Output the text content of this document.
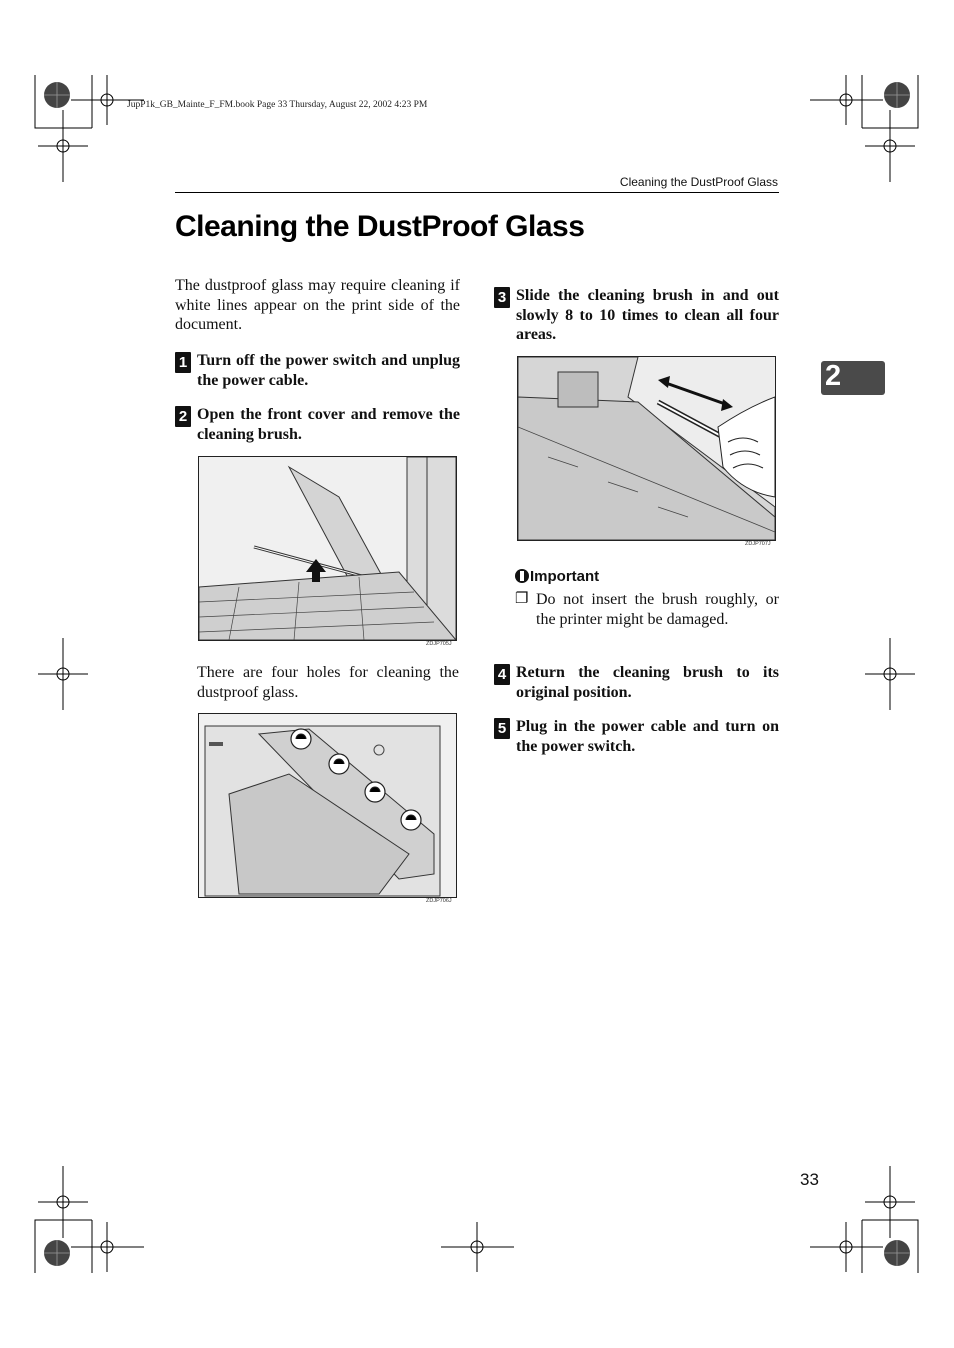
JupP1k_GB_Mainte_F_FM.book Page 33 Thursday, August 22, 2002 4:23 PM
Cleaning the DustProof Glass
Cleaning the DustProof Glass
The dustproof glass may require cleaning if white lines appear on the print side of the document.
1 Turn off the power switch and unplug the power cable.
2 Open the front cover and remove the cleaning brush.
ZDJP705J
There are four holes for cleaning the dustproof glass.
ZDJP706J
3 Slide the cleaning brush in and out slowly 8 to 10 times to clean all four areas.
ZDJP707J
Important
❐ Do not insert the brush roughly, or the printer might be damaged.
4 Return the cleaning brush to its original position.
5 Plug in the power cable and turn on the power switch.
2
33
